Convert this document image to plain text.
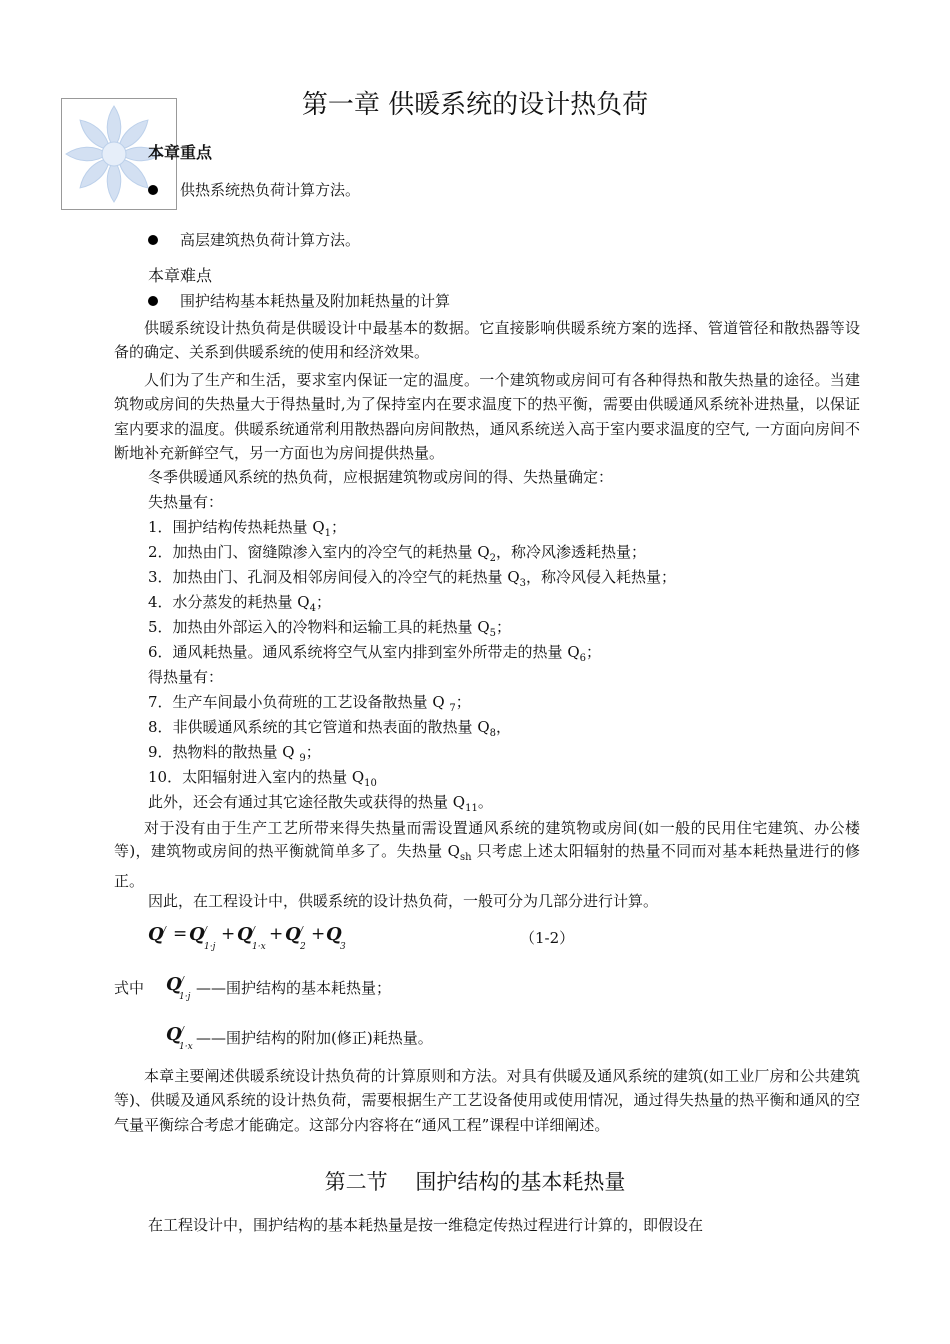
第一章 供暖系统的设计热负荷
本章重点
供热系统热负荷计算方法。
高层建筑热负荷计算方法。
本章难点
围护结构基本耗热量及附加耗热量的计算
供暖系统设计热负荷是供暖设计中最基本的数据。它直接影响供暖系统方案的选择、管道管径和散热器等设备的确定、关系到供暖系统的使用和经济效果。
人们为了生产和生活，要求室内保证一定的温度。一个建筑物或房间可有各种得热和散失热量的途径。当建筑物或房间的失热量大于得热量时,为了保持室内在要求温度下的热平衡，需要由供暖通风系统补进热量，以保证室内要求的温度。供暖系统通常利用散热器向房间散热，通风系统送入高于室内要求温度的空气, 一方面向房间不断地补充新鲜空气，另一方面也为房间提供热量。
冬季供暖通风系统的热负荷，应根据建筑物或房间的得、失热量确定：
失热量有：
1．围护结构传热耗热量 $Q_1$；
2．加热由门、窗缝隙渗入室内的冷空气的耗热量 $Q_2$，称冷风渗透耗热量；
3．加热由门、孔洞及相邻房间侵入的冷空气的耗热量 $Q_3$，称冷风侵入耗热量；
4．水分蒸发的耗热量 $Q_4$；
5．加热由外部运入的冷物料和运输工具的耗热量 $Q_5$；
6．通风耗热量。通风系统将空气从室内排到室外所带走的热量 $Q_6$；
得热量有：
7．生产车间最小负荷班的工艺设备散热量 Q $_7$；
8．非供暖通风系统的其它管道和热表面的散热量 $Q_8$，
9．热物料的散热量 Q $_9$；
10．太阳辐射进入室内的热量 $Q_{10}$
此外，还会有通过其它途径散失或获得的热量 $Q_{11}$。
对于没有由于生产工艺所带来得失热量而需设置通风系统的建筑物或房间(如一般的民用住宅建筑、办公楼等)，建筑物或房间的热平衡就简单多了。失热量 $Q_{sh}$ 只考虑上述太阳辐射的热量不同而对基本耗热量进行的修正。
因此，在工程设计中，供暖系统的设计热负荷，一般可分为几部分进行计算。
Q / = Q /
1·j
+ Q /
1·x
+ Q /
2
+ Q
3	（1-2）
式中 Q /
1·j ——围护结构的基本耗热量；
Q /
1·x ——围护结构的附加(修正)耗热量。
本章主要阐述供暖系统设计热负荷的计算原则和方法。对具有供暖及通风系统的建筑(如工业厂房和公共建筑等)、供暖及通风系统的设计热负荷，需要根据生产工艺设备使用或使用情况，通过得失热量的热平衡和通风的空气量平衡综合考虑才能确定。这部分内容将在“通风工程”课程中详细阐述。
第二节　 围护结构的基本耗热量
在工程设计中，围护结构的基本耗热量是按一维稳定传热过程进行计算的，即假设在
